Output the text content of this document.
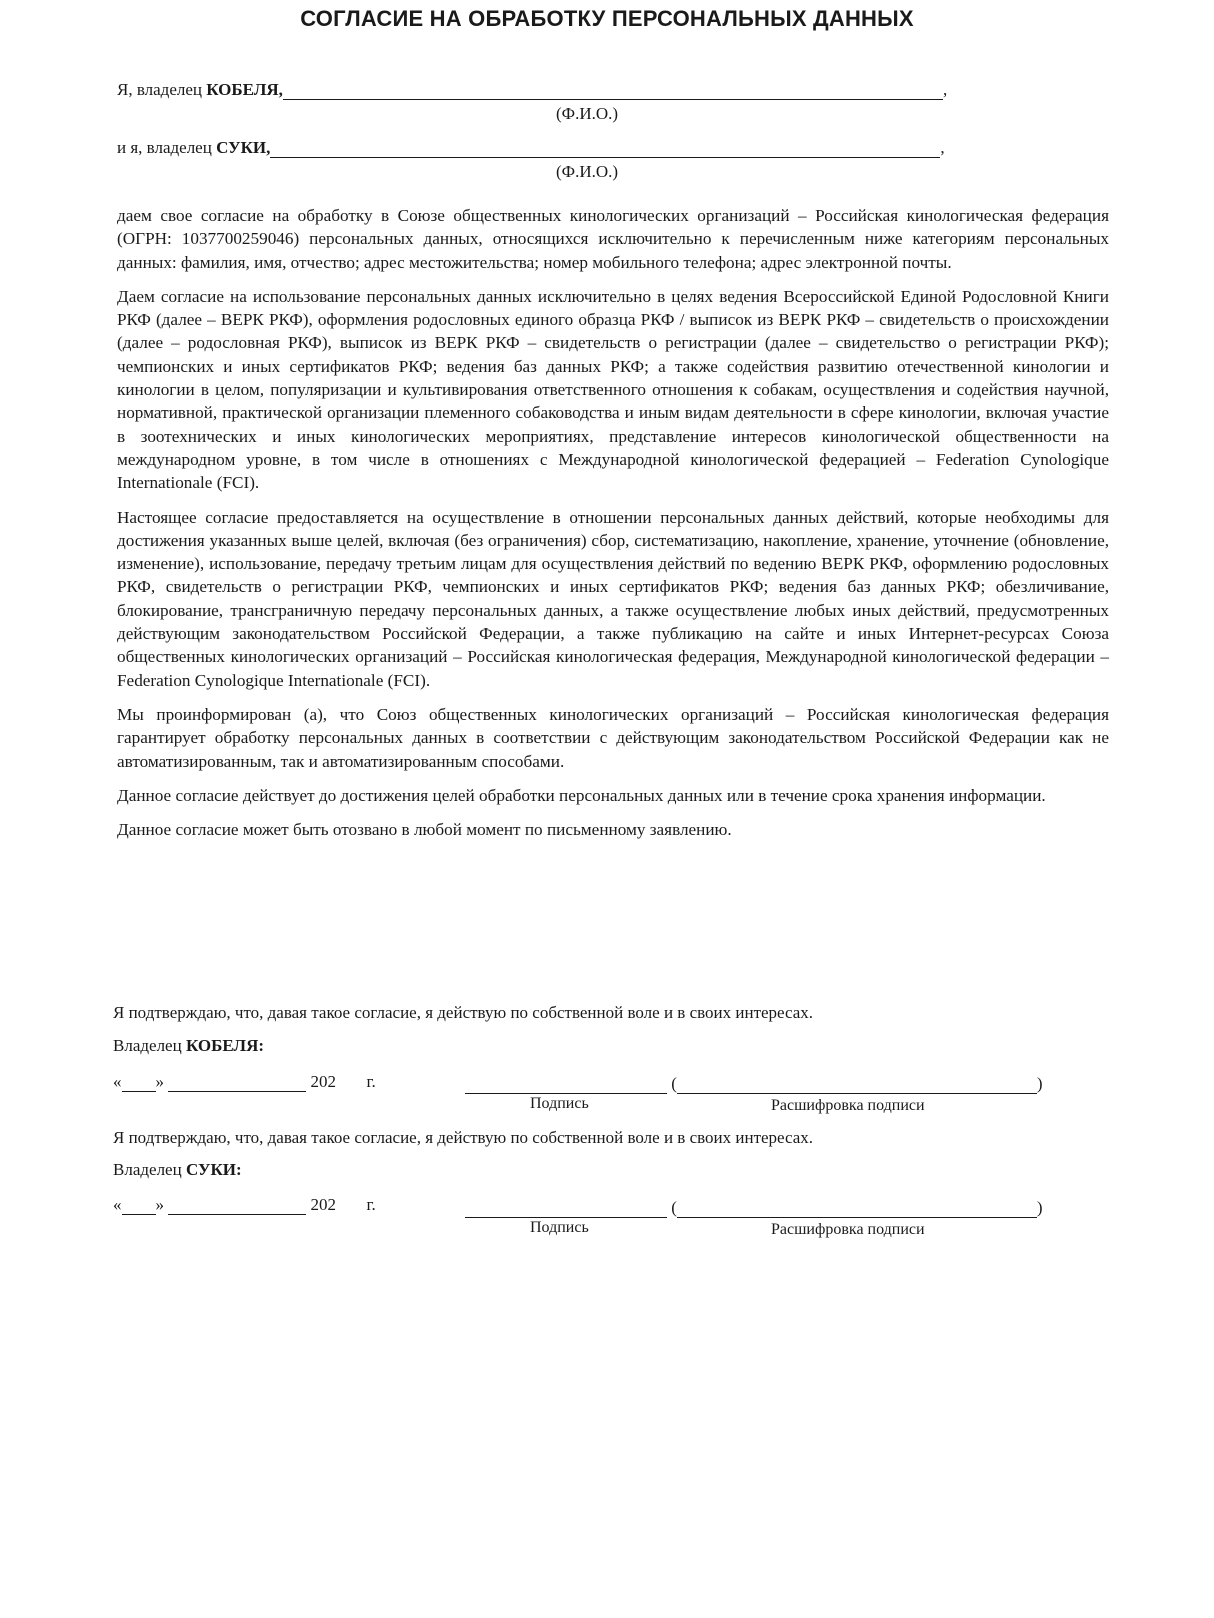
СОГЛАСИЕ НА ОБРАБОТКУ ПЕРСОНАЛЬНЫХ ДАННЫХ
Я, владелец КОБЕЛЯ,	,
(Ф.И.О.)
и я, владелец СУКИ,	,
(Ф.И.О.)

даем свое согласие на обработку в Союзе общественных кинологических организаций – Российская кинологическая федерация (ОГРН: 1037700259046) персональных данных, относящихся исключительно к перечисленным ниже категориям персональных данных: фамилия, имя, отчество; адрес местожительства; номер мобильного телефона; адрес электронной почты.

Даем согласие на использование персональных данных исключительно в целях ведения Всероссийской Единой Родословной Книги РКФ (далее – ВЕРК РКФ), оформления родословных единого образца РКФ / выписок из ВЕРК РКФ – свидетельств о происхождении (далее – родословная РКФ), выписок из ВЕРК РКФ – свидетельств о регистрации (далее – свидетельство о регистрации РКФ); чемпионских и иных сертификатов РКФ; ведения баз данных РКФ; а также содействия развитию отечественной кинологии и кинологии в целом, популяризации и культивирования ответственного отношения к собакам, осуществления и содействия научной, нормативной, практической организации племенного собаководства и иным видам деятельности в сфере кинологии, включая участие в зоотехнических и иных кинологических мероприятиях, представление интересов кинологической общественности на международном уровне, в том числе в отношениях с Международной кинологической федерацией – Federation Cynologique Internationale (FCI).

Настоящее согласие предоставляется на осуществление в отношении персональных данных действий, которые необходимы для достижения указанных выше целей, включая (без ограничения) сбор, систематизацию, накопление, хранение, уточнение (обновление, изменение), использование, передачу третьим лицам для осуществления действий по ведению ВЕРК РКФ, оформлению родословных РКФ, свидетельств о регистрации РКФ, чемпионских и иных сертификатов РКФ; ведения баз данных РКФ; обезличивание, блокирование, трансграничную передачу персональных данных, а также осуществление любых иных действий, предусмотренных действующим законодательством Российской Федерации, а также публикацию на сайте и иных Интернет-ресурсах Союза общественных кинологических организаций – Российская кинологическая федерация, Международной кинологической федерации – Federation Cynologique Internationale (FCI).

Мы проинформирован (а), что Союз общественных кинологических организаций – Российская кинологическая федерация гарантирует обработку персональных данных в соответствии с действующим законодательством Российской Федерации как не автоматизированным, так и автоматизированным способами.

Данное согласие действует до достижения целей обработки персональных данных или в течение срока хранения информации.

Данное согласие может быть отозвано в любой момент по письменному заявлению.

Я подтверждаю, что, давая такое согласие, я действую по собственной воле и в своих интересах.
Владелец КОБЕЛЯ:
« »	202 г.	(	)
Подпись	Расшифровка подписи
Я подтверждаю, что, давая такое согласие, я действую по собственной воле и в своих интересах.
Владелец СУКИ:
« »	202 г.	(	)
Подпись	Расшифровка подписи
